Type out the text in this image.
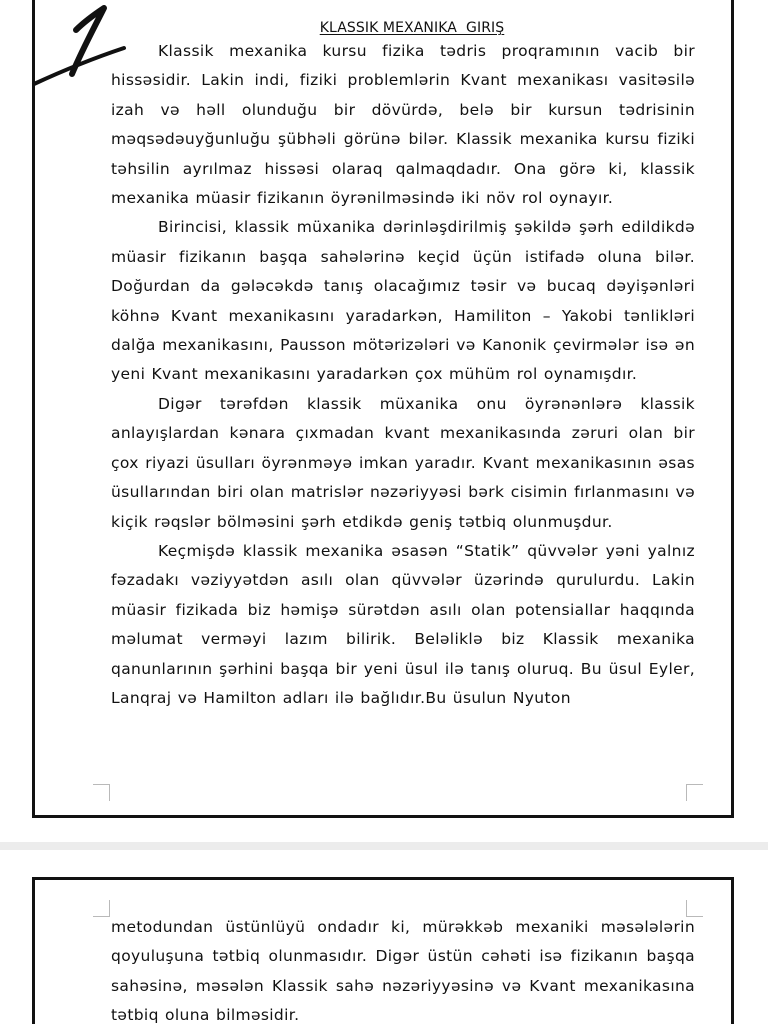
KLASSIK MEXANIKA  GIRIŞ

Klassik mexanika kursu fizika tədris proqramının vacib bir hissəsidir. Lakin indi, fiziki problemlərin Kvant mexanikası vasitəsilə izah və həll olunduğu bir dövürdə, belə bir kursun tədrisinin məqsədəuyğunluğu şübhəli görünə bilər. Klassik mexanika kursu fiziki təhsilin ayrılmaz hissəsi olaraq qalmaqdadır. Ona görə ki, klassik mexanika müasir fizikanın öyrənilməsində iki növ rol oynayır.

Birincisi, klassik müxanika dərinləşdirilmiş şəkildə şərh edildikdə müasir fizikanın başqa sahələrinə keçid üçün istifadə oluna bilər. Doğurdan da gələcəkdə tanış olacağımız təsir və bucaq dəyişənləri köhnə Kvant mexanikasını yaradarkən, Hamiliton – Yakobi tənlikləri dalğa mexanikasını, Pausson mötərizələri və Kanonik çevirmələr isə ən yeni Kvant mexanikasını yaradarkən çox mühüm rol oynamışdır.

Digər tərəfdən klassik müxanika onu öyrənənlərə klassik anlayışlardan kənara çıxmadan kvant mexanikasında zəruri olan bir çox riyazi üsulları öyrənməyə imkan yaradır. Kvant mexanikasının əsas üsullarından biri olan matrislər nəzəriyyəsi bərk cisimin fırlanmasını və kiçik rəqslər bölməsini şərh etdikdə geniş tətbiq olunmuşdur.

Keçmişdə klassik mexanika əsasən “Statik” qüvvələr yəni yalnız fəzadakı vəziyyətdən asılı olan qüvvələr üzərində qurulurdu. Lakin müasir fizikada biz həmişə sürətdən asılı olan potensiallar haqqında məlumat verməyi lazım bilirik. Beləliklə biz Klassik mexanika qanunlarının şərhini başqa bir yeni üsul ilə tanış oluruq. Bu üsul Eyler, Lanqraj və Hamilton adları ilə bağlıdır.Bu üsulun Nyuton

metodundan üstünlüyü ondadır ki, mürəkkəb mexaniki məsələlərin qoyuluşuna tətbiq olunmasıdır. Digər üstün cəhəti isə fizikanın başqa sahəsinə, məsələn Klassik sahə nəzəriyyəsinə və Kvant mexanikasına tətbiq oluna bilməsidir.
